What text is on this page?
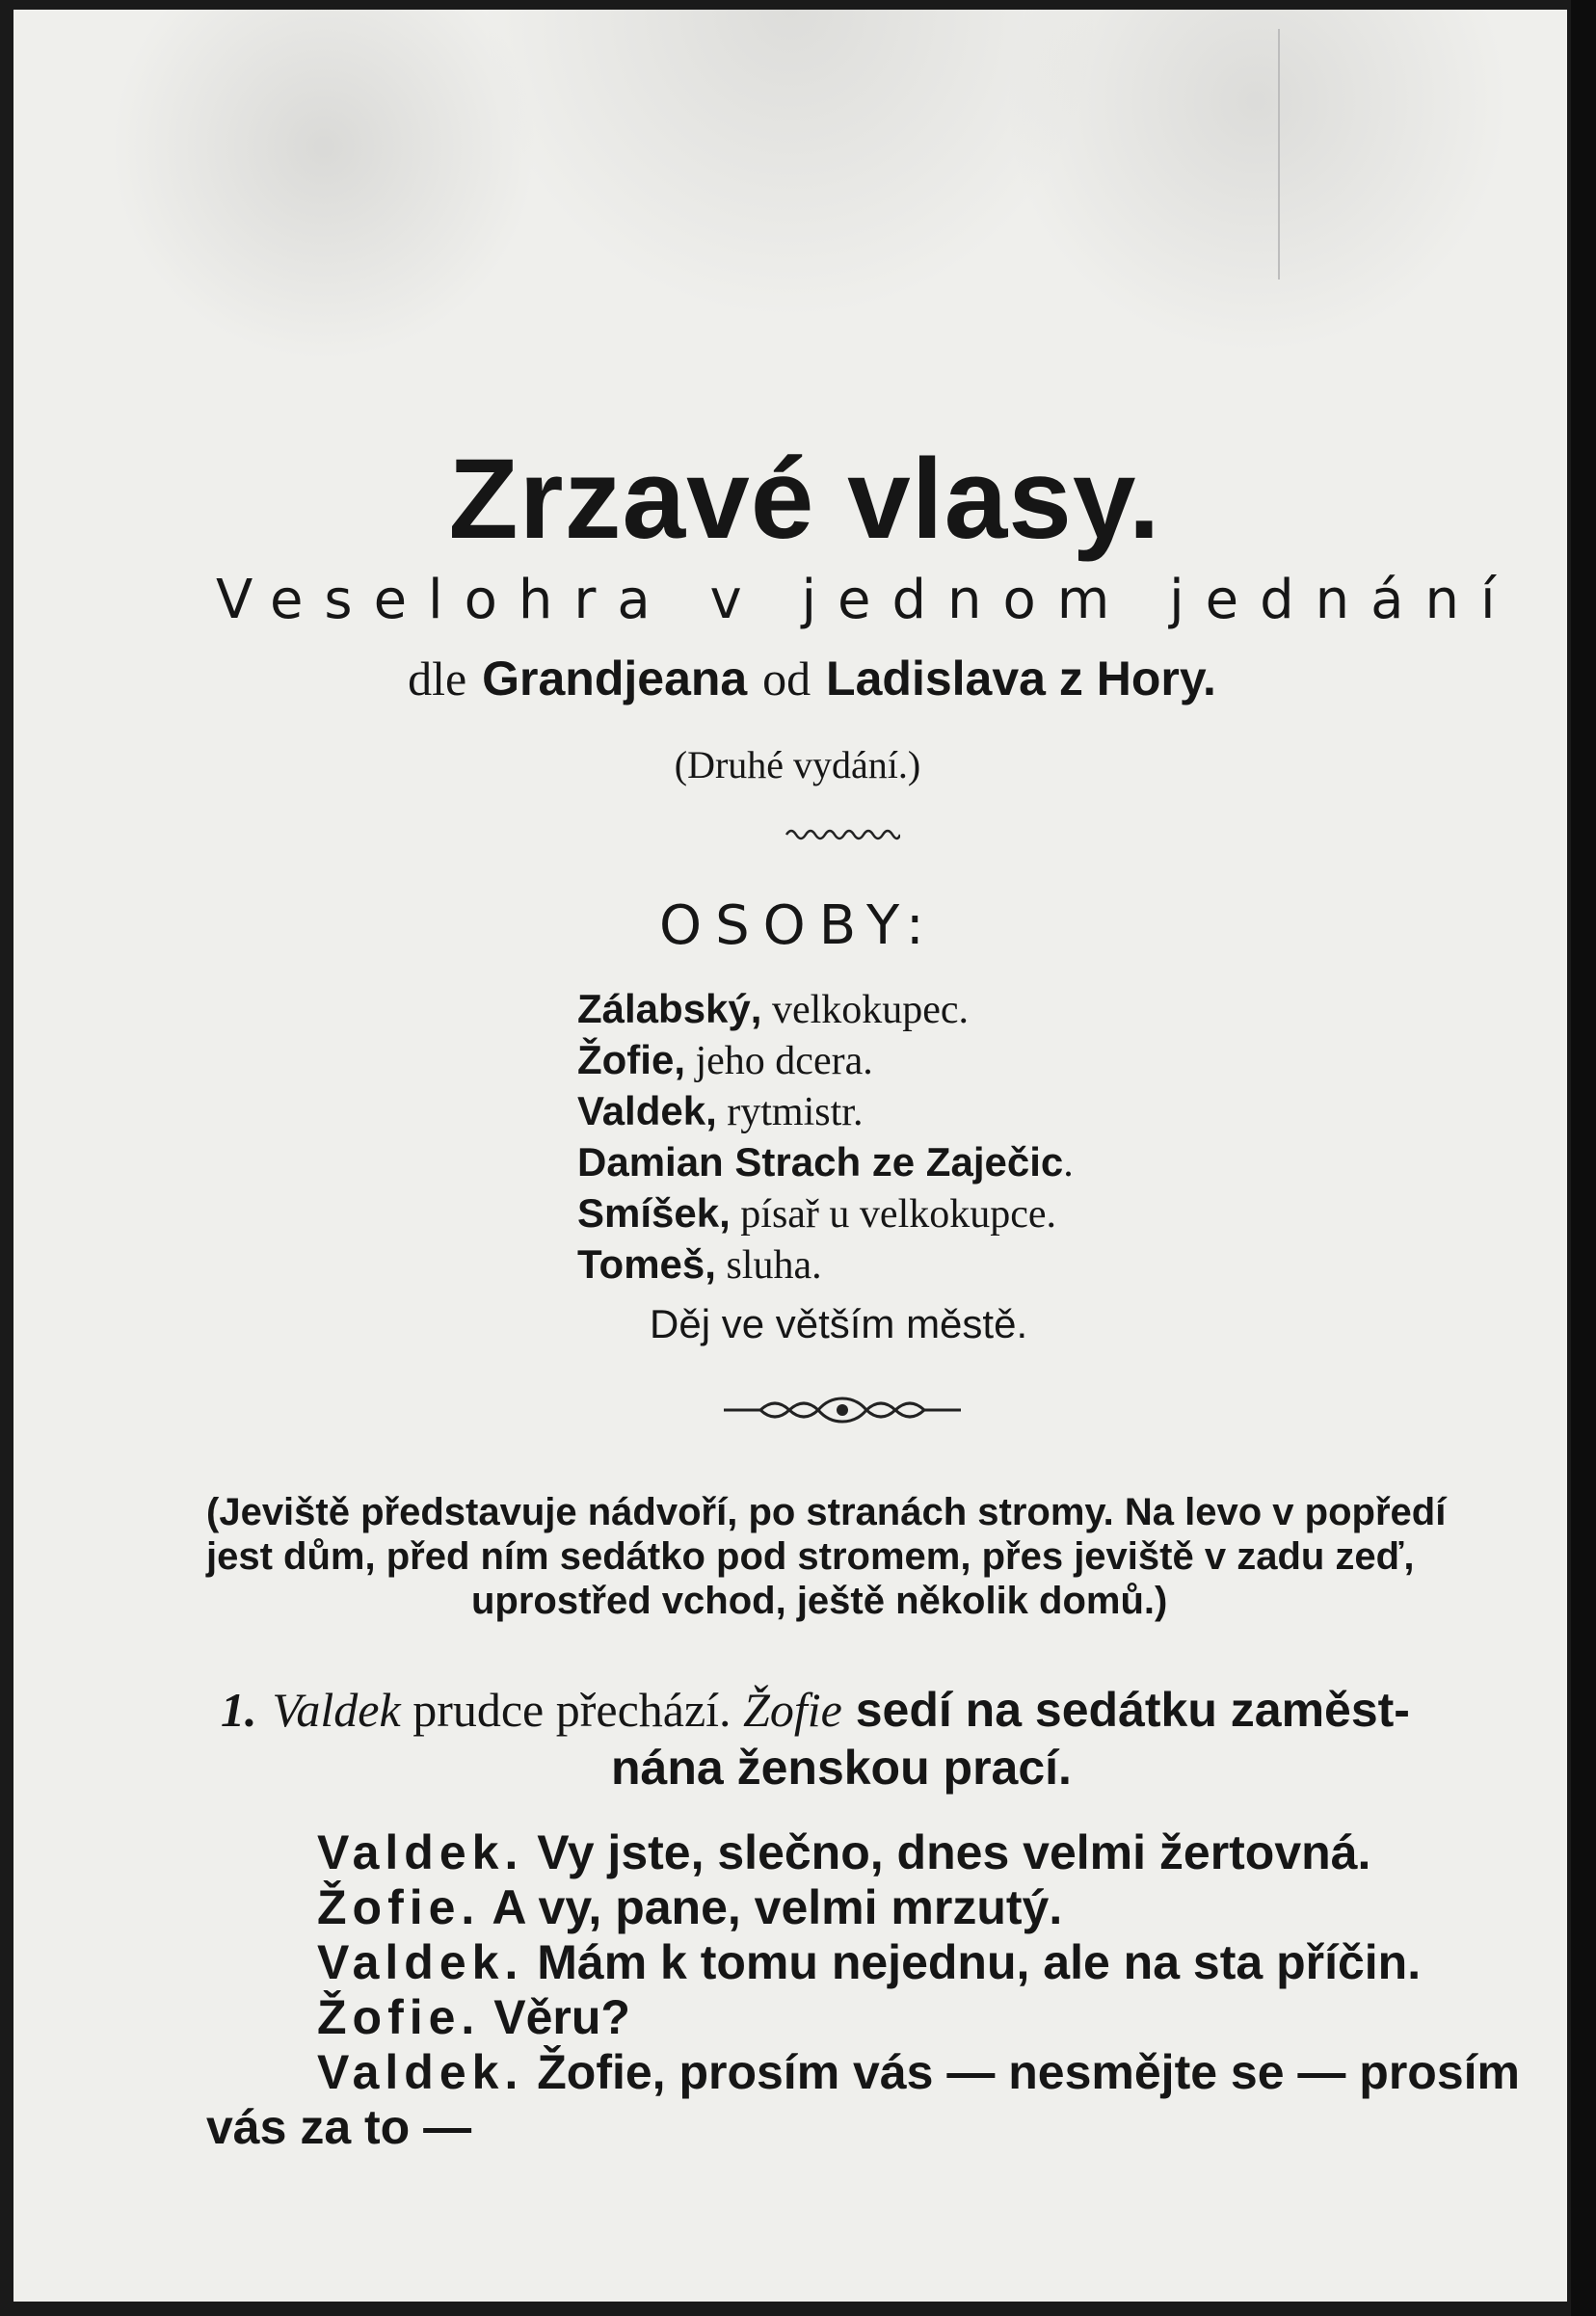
Zrzavé vlasy.
Veselohra v jednom jednání
dle Grandjeana od Ladislava z Hory.
(Druhé vydání.)
OSOBY:
Zálabský, velkokupec.
Žofie, jeho dcera.
Valdek, rytmistr.
Damian Strach ze Zaječic.
Smíšek, písař u velkokupce.
Tomeš, sluha.
Děj ve větším městě.
(Jeviště představuje nádvoří, po stranách stromy. Na levo v popředí
jest dům, před ním sedátko pod stromem, přes jeviště v zadu zeď,
uprostřed vchod, ještě několik domů.)
1. Valdek prudce přechází. Žofie sedí na sedátku zaměst-
nána ženskou prací.
Valdek. Vy jste, slečno, dnes velmi žertovná.
Žofie. A vy, pane, velmi mrzutý.
Valdek. Mám k tomu nejednu, ale na sta příčin.
Žofie. Věru?
Valdek. Žofie, prosím vás — nesmějte se — prosím
vás za to —
